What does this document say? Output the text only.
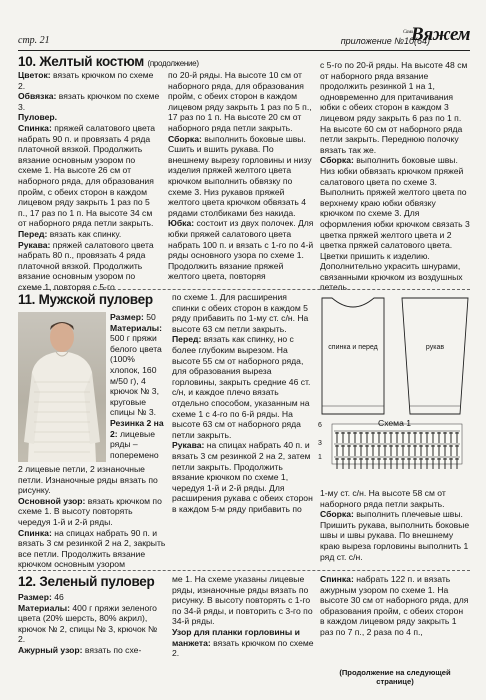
стр. 21	приложение №10(64)
Сами
Вяжем
10. Желтый костюм (продолжение)

Цветок: вязать крючком по схеме 2.

Обвязка: вязать крючком по схеме 3.

Пуловер.

Спинка: пряжей салатового цвета набрать 90 п. и провязать 4 ряда платочной вязкой. Продолжить вязание основным узором по схеме 1. На высоте 26 см от наборного ряда, для образования пройм, с обеих сторон в каждом лицевом ряду закрыть 1 раз по 5 п., 17 раз по 1 п. На высоте 34 см от наборного ряда петли закрыть.

Перед: вязать как спинку.

Рукава: пряжей салатового цвета набрать 80 п., провязать 4 ряда платочной вязкой. Продолжить вязание основным узором по схеме 1, повторяя с 5-го

по 20-й ряды. На высоте 10 см от наборного ряда, для образования пройм, с обеих сторон в каждом лицевом ряду закрыть 1 раз по 5 п., 17 раз по 1 п. На высоте 20 см от наборного ряда петли закрыть.

Сборка: выполнить боковые швы. Сшить и вшить рукава. По внешнему вырезу горловины и низу изделия пряжей желтого цвета крючком выполнить обвязку по схеме 3. Низ рукавов пряжей желтого цвета крючком обвязать 4 рядами столбиками без накида.

Юбка: состоит из двух полочек. Для юбки пряжей салатового цвета набрать 100 п. и вязать с 1-го по 4-й ряды основного узора по схеме 1. Продолжить вязание пряжей желтого цвета, повторяя

с 5-го по 20-й ряды. На высоте 48 см от наборного ряда вязание продолжить резинкой 1 на 1, одновременно для притачивания юбки с обеих сторон в каждом 3 лицевом ряду закрыть 6 раз по 1 п. На высоте 60 см от наборного ряда петли закрыть. Переднюю полочку вязать так же.

Сборка: выполнить боковые швы. Низ юбки обвязать крючком пряжей салатового цвета по схеме 3. Выполнить пряжей желтого цвета по верхнему краю юбки обвязку крючком по схеме 3. Для оформления юбки крючком связать 3 цветка пряжей желтого цвета и 2 цветка пряжей салатового цвета. Цветки пришить к изделию. Дополнительно украсить шнурами, связанными крючком из воздушных петель.

11. Мужской пуловер

Размер: 50

Материалы: 500 г пряжи белого цвета (100% хлопок, 160 м/50 г), 4 крючок № 3, круговые спицы № 3.

Резинка 2 на 2: лицевые ряды – поперемено

2 лицевые петли, 2 изнаночные петли. Изнаночные ряды вязать по рисунку.

Основной узор: вязать крючком по схеме 1. В высоту повторять чередуя 1-й и 2-й ряды.

Спинка: на спицах набрать 90 п. и вязать 3 см резинкой 2 на 2, закрыть все петли. Продолжить вязание крючком основным узором

по схеме 1. Для расширения спинки с обеих сторон в каждом 5 ряду прибавить по 1-му ст. с/н. На высоте 63 см петли закрыть.

Перед: вязать как спинку, но с более глубоким вырезом. На высоте 55 см от наборного ряда, для образования выреза горловины, закрыть средние 46 ст. с/н, и каждое плечо вязать отдельно способом, указанным на схеме 1 с 4-го по 6-й ряды. На высоте 63 см от наборного ряда петли закрыть.

Рукава: на спицах набрать 40 п. и вязать 3 см резинкой 2 на 2, затем петли закрыть. Продолжить вязание крючком по схеме 1, чередуя 1-й и 2-й ряды. Для расширения рукава с обеих сторон в каждом 5-м ряду прибавить по

спинка и перед	рукав
Схема 1
6
3
1

1-му ст. с/н. На высоте 58 см от наборного ряда петли закрыть.

Сборка: выполнить плечевые швы. Пришить рукава, выполнить боковые швы и швы рукава. По внешнему краю выреза горловины выполнить 1 ряд ст. с/н.

12. Зеленый пуловер

Размер: 46

Материалы: 400 г пряжи зеленого цвета (20% шерсть, 80% акрил), крючок № 2, спицы № 3, крючок № 2.

Ажурный узор: вязать по схе-

ме 1. На схеме указаны лицевые ряды, изнаночные ряды вязать по рисунку. В высоту повторять с 1-го по 34-й ряды, и повторить с 3-го по 34-й ряды.

Узор для планки горловины и манжета: вязать крючком по схеме 2.

Спинка: набрать 122 п. и вязать ажурным узором по схеме 1. На высоте 30 см от наборного ряда, для образования пройм, с обеих сторон в каждом лицевом ряду закрыть 1 раз по 7 п., 2 раза по 4 п.,

(Продолжение на следующей странице)
